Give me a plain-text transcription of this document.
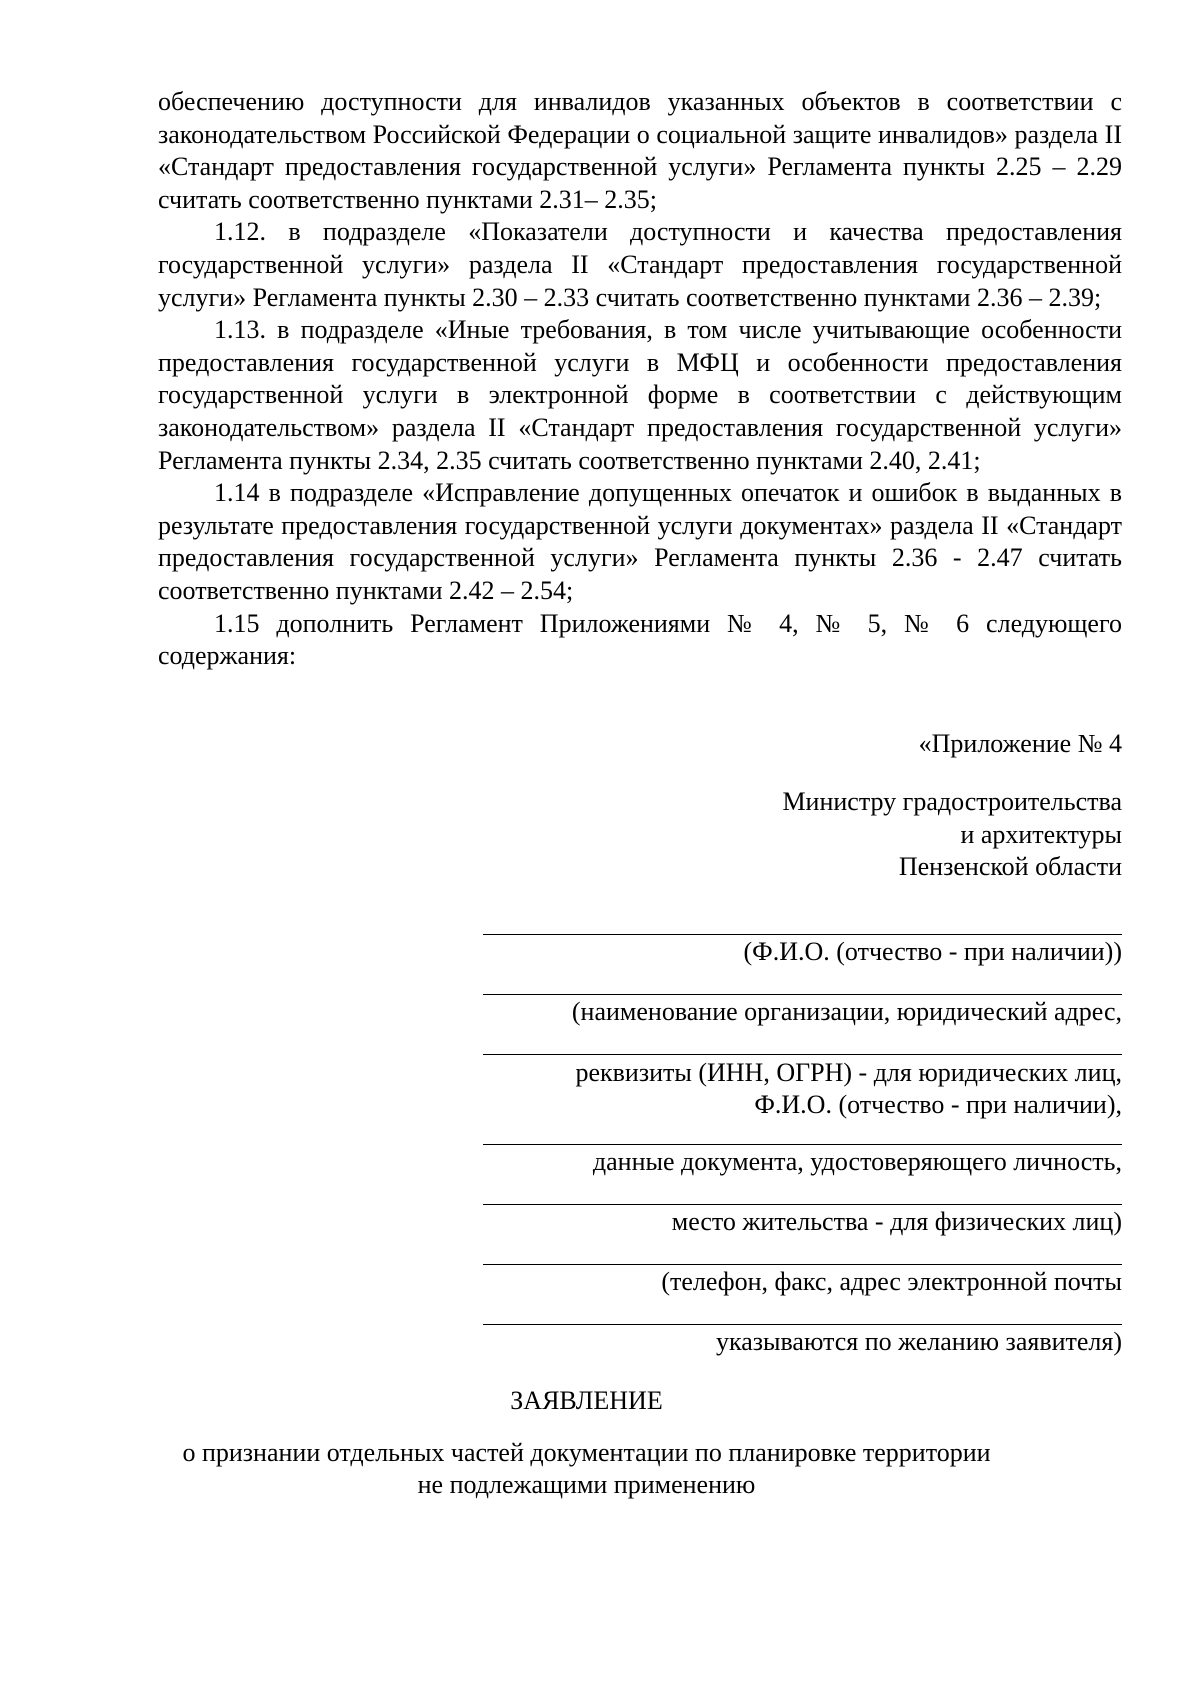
обеспечению доступности для инвалидов указанных объектов в соответствии с законодательством Российской Федерации о социальной защите инвалидов» раздела II «Стандарт предоставления государственной услуги» Регламента пункты 2.25 – 2.29 считать соответственно пунктами 2.31– 2.35;

1.12. в подразделе «Показатели доступности и качества предоставления государственной услуги» раздела II «Стандарт предоставления государственной услуги» Регламента пункты 2.30 – 2.33 считать соответственно пунктами 2.36 – 2.39;

1.13. в подразделе «Иные требования, в том числе учитывающие особенности предоставления государственной услуги в МФЦ и особенности предоставления государственной услуги в электронной форме в соответствии с действующим законодательством» раздела II «Стандарт предоставления государственной услуги» Регламента пункты 2.34, 2.35 считать соответственно пунктами 2.40, 2.41;

1.14 в подразделе «Исправление допущенных опечаток и ошибок в выданных в результате предоставления государственной услуги документах» раздела II «Стандарт предоставления государственной услуги» Регламента пункты 2.36 - 2.47 считать соответственно пунктами 2.42 – 2.54;

1.15 дополнить Регламент Приложениями № 4, № 5, № 6 следующего содержания:

«Приложение № 4
Министру градостроительства
и архитектуры
Пензенской области
(Ф.И.О. (отчество - при наличии))
(наименование организации, юридический адрес,
реквизиты (ИНН, ОГРН) - для юридических лиц,
Ф.И.О. (отчество - при наличии),
данные документа, удостоверяющего личность,
место жительства - для физических лиц)
(телефон, факс, адрес электронной почты
указываются по желанию заявителя)
ЗАЯВЛЕНИЕ
о признании отдельных частей документации по планировке территории
не подлежащими применению
